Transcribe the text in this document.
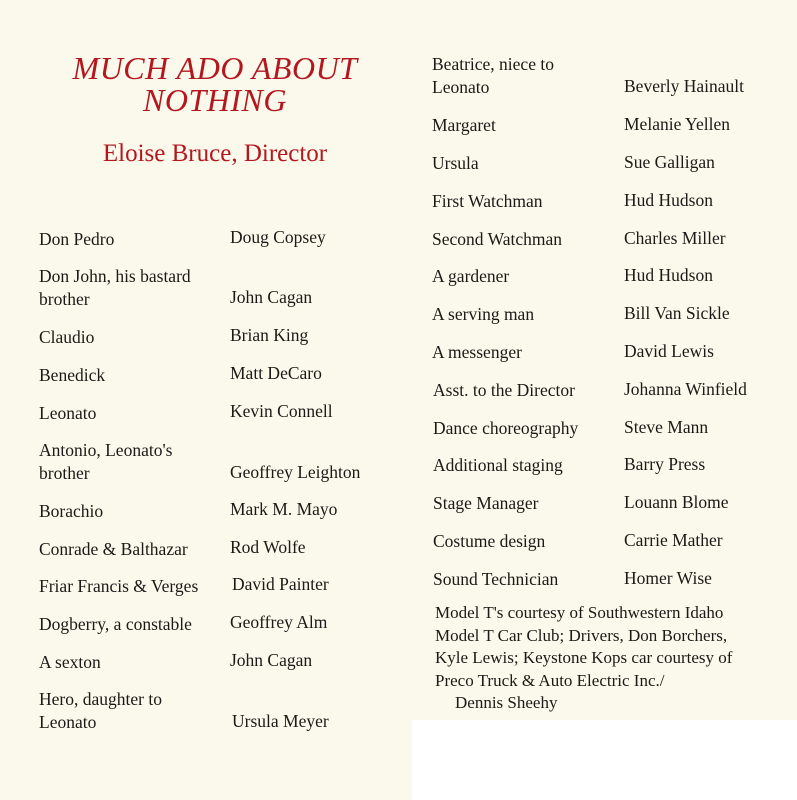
MUCH ADO ABOUT
NOTHING
Eloise Bruce, Director
Don Pedro	Doug Copsey
Don John, his bastard brother	John Cagan
Claudio	Brian King
Benedick	Matt DeCaro
Leonato	Kevin Connell
Antonio, Leonato's brother	Geoffrey Leighton
Borachio	Mark M. Mayo
Conrade & Balthazar	Rod Wolfe
Friar Francis & Verges	David Painter
Dogberry, a constable	Geoffrey Alm
A sexton	John Cagan
Hero, daughter to Leonato	Ursula Meyer
Beatrice, niece to Leonato	Beverly Hainault
Margaret	Melanie Yellen
Ursula	Sue Galligan
First Watchman	Hud Hudson
Second Watchman	Charles Miller
A gardener	Hud Hudson
A serving man	Bill Van Sickle
A messenger	David Lewis
Asst. to the Director	Johanna Winfield
Dance choreography	Steve Mann
Additional staging	Barry Press
Stage Manager	Louann Blome
Costume design	Carrie Mather
Sound Technician	Homer Wise
Model T's courtesy of Southwestern Idaho
Model T Car Club; Drivers, Don Borchers,
Kyle Lewis; Keystone Kops car courtesy of
Preco Truck & Auto Electric Inc./
Dennis Sheehy
